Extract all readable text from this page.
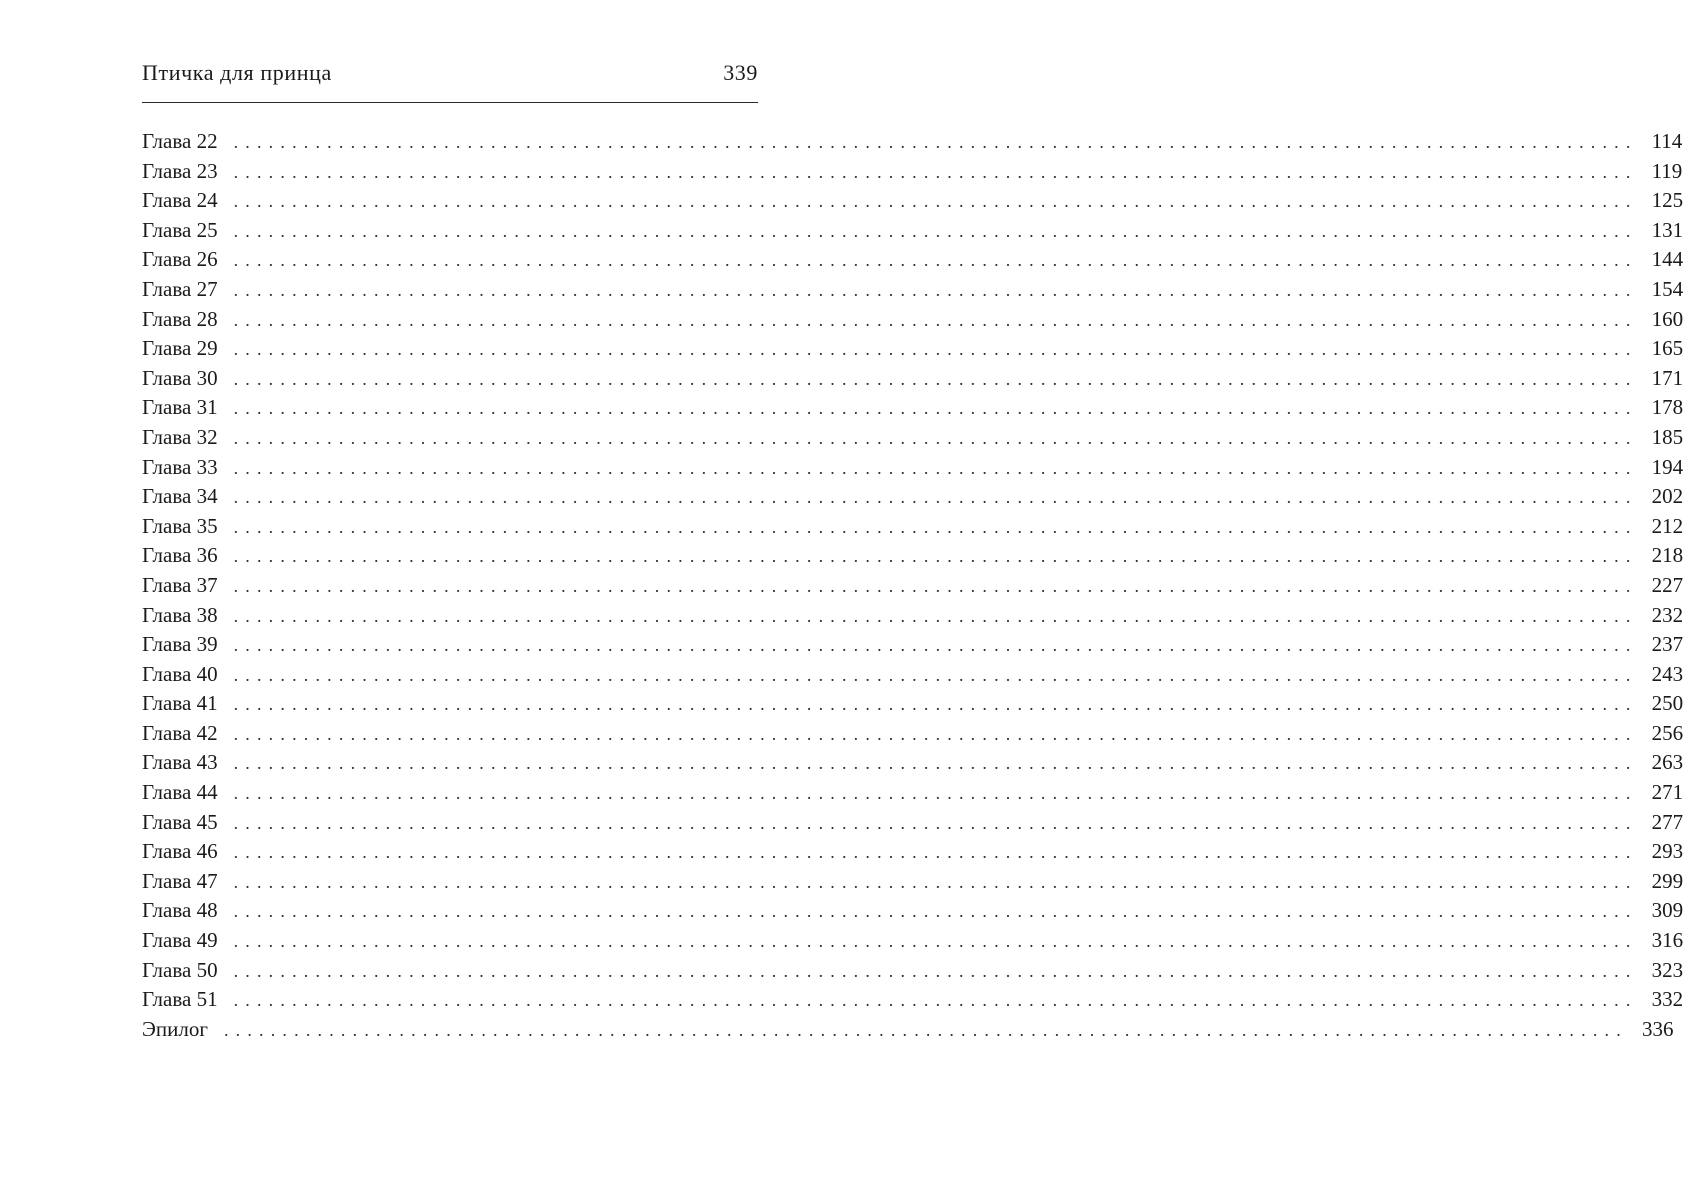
Птичка для принца	339
Глава 22 ........................................................................................................................ 114
Глава 23 ........................................................................................................................ 119
Глава 24 ........................................................................................................................ 125
Глава 25 ........................................................................................................................ 131
Глава 26 ........................................................................................................................ 144
Глава 27 ........................................................................................................................ 154
Глава 28 ........................................................................................................................ 160
Глава 29 ........................................................................................................................ 165
Глава 30 ........................................................................................................................ 171
Глава 31 ........................................................................................................................ 178
Глава 32 ........................................................................................................................ 185
Глава 33 ........................................................................................................................ 194
Глава 34 ........................................................................................................................ 202
Глава 35 ........................................................................................................................ 212
Глава 36 ........................................................................................................................ 218
Глава 37 ........................................................................................................................ 227
Глава 38 ........................................................................................................................ 232
Глава 39 ........................................................................................................................ 237
Глава 40 ........................................................................................................................ 243
Глава 41 ........................................................................................................................ 250
Глава 42 ........................................................................................................................ 256
Глава 43 ........................................................................................................................ 263
Глава 44 ........................................................................................................................ 271
Глава 45 ........................................................................................................................ 277
Глава 46 ........................................................................................................................ 293
Глава 47 ........................................................................................................................ 299
Глава 48 ........................................................................................................................ 309
Глава 49 ........................................................................................................................ 316
Глава 50 ........................................................................................................................ 323
Глава 51 ........................................................................................................................ 332
Эпилог ........................................................................................................................ 336
